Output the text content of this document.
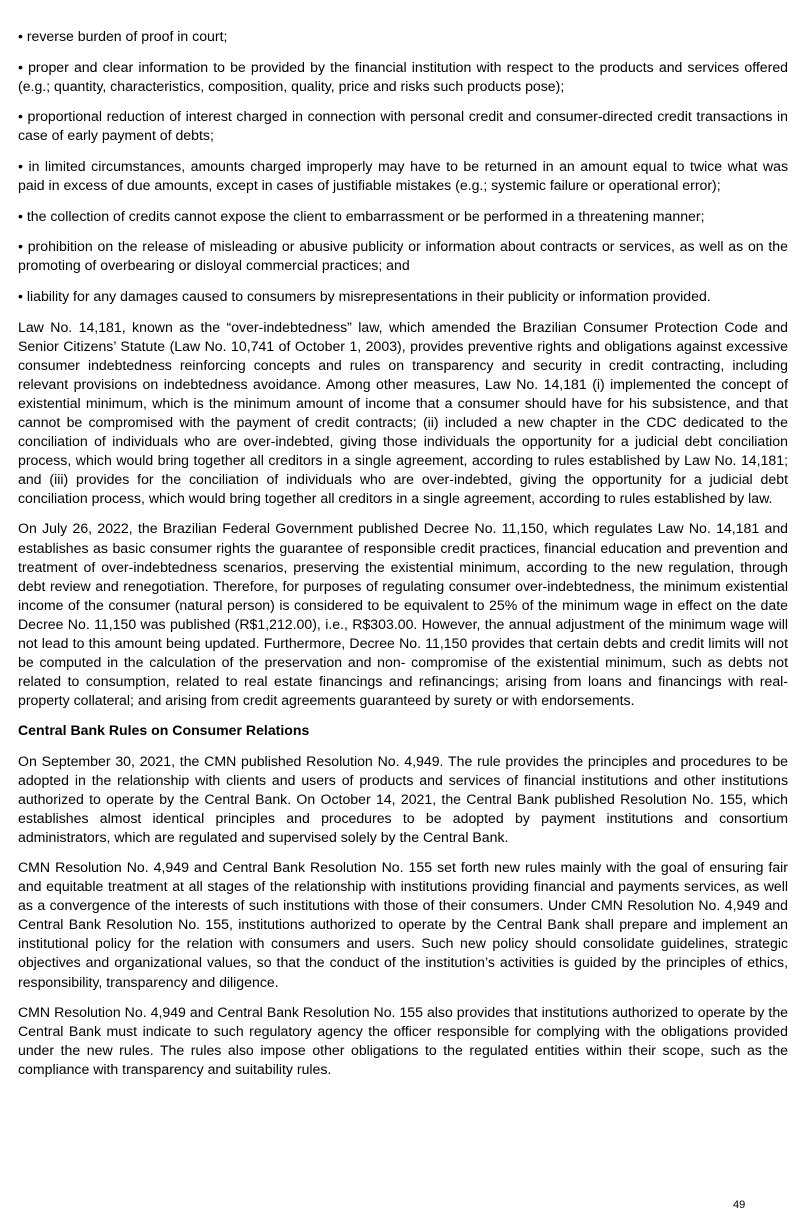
• reverse burden of proof in court;

• proper and clear information to be provided by the financial institution with respect to the products and services offered (e.g.; quantity, characteristics, composition, quality, price and risks such products pose);

• proportional reduction of interest charged in connection with personal credit and consumer-directed credit transactions in case of early payment of debts;

• in limited circumstances, amounts charged improperly may have to be returned in an amount equal to twice what was paid in excess of due amounts, except in cases of justifiable mistakes (e.g.; systemic failure or operational error);

• the collection of credits cannot expose the client to embarrassment or be performed in a threatening manner;

• prohibition on the release of misleading or abusive publicity or information about contracts or services, as well as on the promoting of overbearing or disloyal commercial practices; and

• liability for any damages caused to consumers by misrepresentations in their publicity or information provided.

Law No. 14,181, known as the “over-indebtedness” law, which amended the Brazilian Consumer Protection Code and Senior Citizens’ Statute (Law No. 10,741 of October 1, 2003), provides preventive rights and obligations against excessive consumer indebtedness reinforcing concepts and rules on transparency and security in credit contracting, including relevant provisions on indebtedness avoidance. Among other measures, Law No. 14,181 (i) implemented the concept of existential minimum, which is the minimum amount of income that a consumer should have for his subsistence, and that cannot be compromised with the payment of credit contracts; (ii) included a new chapter in the CDC dedicated to the conciliation of individuals who are over-indebted, giving those individuals the opportunity for a judicial debt conciliation process, which would bring together all creditors in a single agreement, according to rules established by Law No. 14,181; and (iii) provides for the conciliation of individuals who are over-indebted, giving the opportunity for a judicial debt conciliation process, which would bring together all creditors in a single agreement, according to rules established by law.

On July 26, 2022, the Brazilian Federal Government published Decree No. 11,150, which regulates Law No. 14,181 and establishes as basic consumer rights the guarantee of responsible credit practices, financial education and prevention and treatment of over-indebtedness scenarios, preserving the existential minimum, according to the new regulation, through debt review and renegotiation. Therefore, for purposes of regulating consumer over-indebtedness, the minimum existential income of the consumer (natural person) is considered to be equivalent to 25% of the minimum wage in effect on the date Decree No. 11,150 was published (R$1,212.00), i.e., R$303.00. However, the annual adjustment of the minimum wage will not lead to this amount being updated. Furthermore, Decree No. 11,150 provides that certain debts and credit limits will not be computed in the calculation of the preservation and non- compromise of the existential minimum, such as debts not related to consumption, related to real estate financings and refinancings; arising from loans and financings with real-property collateral; and arising from credit agreements guaranteed by surety or with endorsements.

Central Bank Rules on Consumer Relations

On September 30, 2021, the CMN published Resolution No. 4,949. The rule provides the principles and procedures to be adopted in the relationship with clients and users of products and services of financial institutions and other institutions authorized to operate by the Central Bank. On October 14, 2021, the Central Bank published Resolution No. 155, which establishes almost identical principles and procedures to be adopted by payment institutions and consortium administrators, which are regulated and supervised solely by the Central Bank.

CMN Resolution No. 4,949 and Central Bank Resolution No. 155 set forth new rules mainly with the goal of ensuring fair and equitable treatment at all stages of the relationship with institutions providing financial and payments services, as well as a convergence of the interests of such institutions with those of their consumers. Under CMN Resolution No. 4,949 and Central Bank Resolution No. 155, institutions authorized to operate by the Central Bank shall prepare and implement an institutional policy for the relation with consumers and users. Such new policy should consolidate guidelines, strategic objectives and organizational values, so that the conduct of the institution’s activities is guided by the principles of ethics, responsibility, transparency and diligence.

CMN Resolution No. 4,949 and Central Bank Resolution No. 155 also provides that institutions authorized to operate by the Central Bank must indicate to such regulatory agency the officer responsible for complying with the obligations provided under the new rules. The rules also impose other obligations to the regulated entities within their scope, such as the compliance with transparency and suitability rules.

49
